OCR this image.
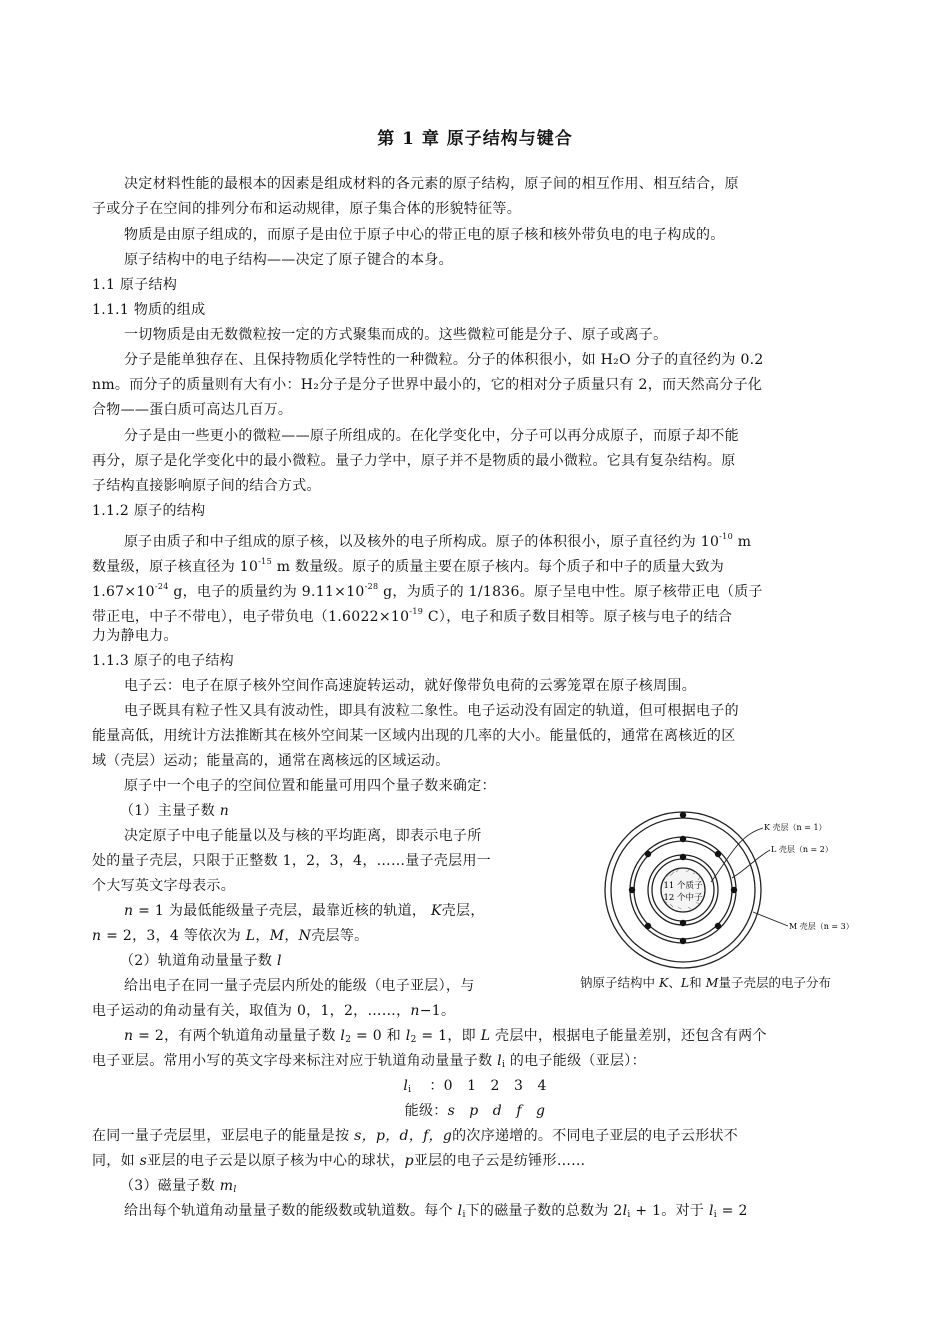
第 1 章 原子结构与键合
决定材料性能的最根本的因素是组成材料的各元素的原子结构，原子间的相互作用、相互结合，原
子或分子在空间的排列分布和运动规律，原子集合体的形貌特征等。
物质是由原子组成的，而原子是由位于原子中心的带正电的原子核和核外带负电的电子构成的。
原子结构中的电子结构——决定了原子键合的本身。
1.1 原子结构
1.1.1 物质的组成
一切物质是由无数微粒按一定的方式聚集而成的。这些微粒可能是分子、原子或离子。
分子是能单独存在、且保持物质化学特性的一种微粒。分子的体积很小，如 H₂O 分子的直径约为 0.2
nm。而分子的质量则有大有小：H₂分子是分子世界中最小的，它的相对分子质量只有 2，而天然高分子化
合物——蛋白质可高达几百万。
分子是由一些更小的微粒——原子所组成的。在化学变化中，分子可以再分成原子，而原子却不能
再分，原子是化学变化中的最小微粒。量子力学中，原子并不是物质的最小微粒。它具有复杂结构。原
子结构直接影响原子间的结合方式。
1.1.2 原子的结构
原子由质子和中子组成的原子核，以及核外的电子所构成。原子的体积很小，原子直径约为 $10^{-10}$ m
数量级，原子核直径为 $10^{-15}$ m 数量级。原子的质量主要在原子核内。每个质子和中子的质量大致为
$1.67\times 10^{-24}$ g，电子的质量约为 $9.11\times 10^{-28}$ g，为质子的 1/1836。原子呈电中性。原子核带正电（质子
带正电，中子不带电），电子带负电（$1.6022\times 10^{-19}$ C），电子和质子数目相等。原子核与电子的结合
力为静电力。
1.1.3 原子的电子结构
电子云：电子在原子核外空间作高速旋转运动，就好像带负电荷的云雾笼罩在原子核周围。
电子既具有粒子性又具有波动性，即具有波粒二象性。电子运动没有固定的轨道，但可根据电子的
能量高低，用统计方法推断其在核外空间某一区域内出现的几率的大小。能量低的，通常在离核近的区
域（壳层）运动；能量高的，通常在离核远的区域运动。
原子中一个电子的空间位置和能量可用四个量子数来确定：
（1）主量子数 n
决定原子中电子能量以及与核的平均距离，即表示电子所
处的量子壳层，只限于正整数 1，2，3，4，……量子壳层用一
个大写英文字母表示。
n = 1 为最低能级量子壳层，最靠近核的轨道， K壳层，
n = 2，3，4 等依次为 L，M，N壳层等。
（2）轨道角动量量子数 l
给出电子在同一量子壳层内所处的能级（电子亚层），与
电子运动的角动量有关，取值为 0，1，2，……，n−1。
n = 2，有两个轨道角动量量子数 $l_2 = 0$ 和 $l_2 = 1$，即 L 壳层中，根据电子能量差别，还包含有两个
电子亚层。常用小写的英文字母来标注对应于轨道角动量量子数 $l_i$ 的电子能级（亚层）：
$l_i$ ：0   1   2   3   4
能级：s   p   d   f   g
在同一量子壳层里，亚层电子的能量是按 s，p，d，f，g的次序递增的。不同电子亚层的电子云形状不
同，如 s亚层的电子云是以原子核为中心的球状，p亚层的电子云是纺锤形……
（3）磁量子数 $m_l$
给出每个轨道角动量量子数的能级数或轨道数。每个 $l_i$下的磁量子数的总数为 $2l_i + 1$。对于 $l_i = 2$
11 个质子
12 个中子
K 壳层（n = 1）
L 壳层（n = 2）
M 壳层（n = 3）
钠原子结构中 K、L和 M量子壳层的电子分布
